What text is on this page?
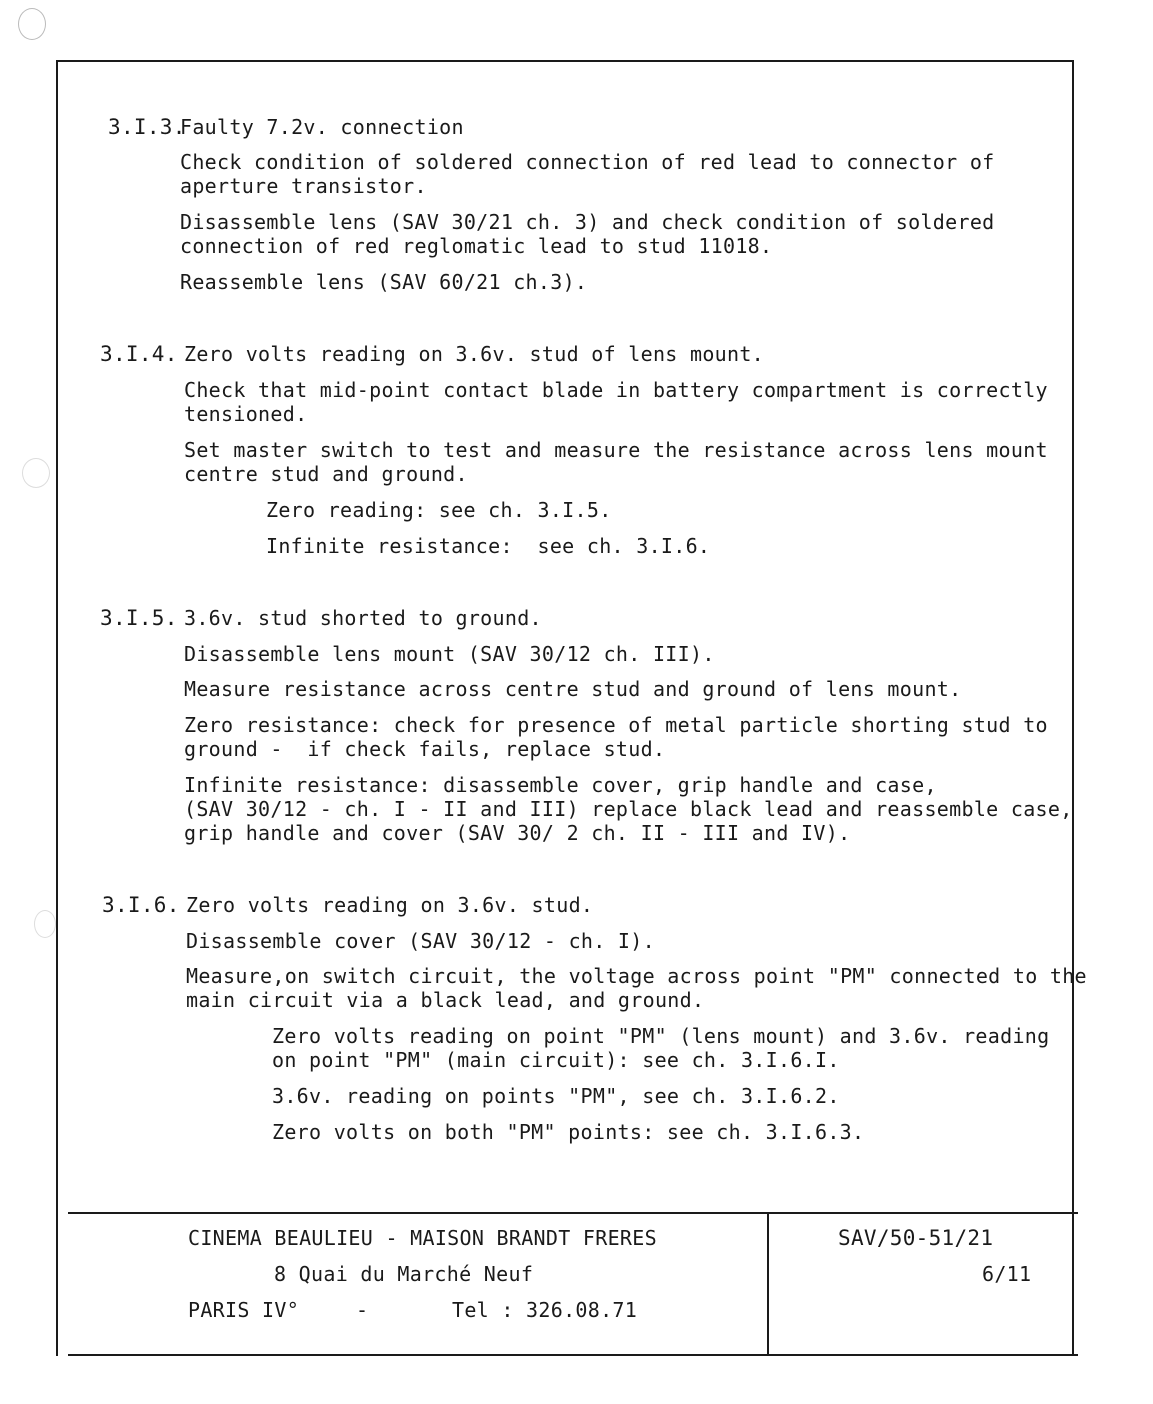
3.I.3.
Faulty 7.2v. connection
Check condition of soldered connection of red lead to connector of
aperture transistor.
Disassemble lens (SAV 30/21 ch. 3) and check condition of soldered
connection of red reglomatic lead to stud 11018.
Reassemble lens (SAV 60/21 ch.3).
3.I.4. Zero volts reading on 3.6v. stud of lens mount.
Check that mid-point contact blade in battery compartment is correctly
tensioned.
Set master switch to test and measure the resistance across lens mount
centre stud and ground.
Zero reading: see ch. 3.I.5.
Infinite resistance:  see ch. 3.I.6.
3.I.5. 3.6v. stud shorted to ground.
Disassemble lens mount (SAV 30/12 ch. III).
Measure resistance across centre stud and ground of lens mount.
Zero resistance: check for presence of metal particle shorting stud to
ground -  if check fails, replace stud.
Infinite resistance: disassemble cover, grip handle and case,
(SAV 30/12 - ch. I - II and III) replace black lead and reassemble case,
grip handle and cover (SAV 30/ 2 ch. II - III and IV).
3.I.6. Zero volts reading on 3.6v. stud.
Disassemble cover (SAV 30/12 - ch. I).
Measure,on switch circuit, the voltage across point "PM" connected to the
main circuit via a black lead, and ground.
Zero volts reading on point "PM" (lens mount) and 3.6v. reading
on point "PM" (main circuit): see ch. 3.I.6.I.
3.6v. reading on points "PM", see ch. 3.I.6.2.
Zero volts on both "PM" points: see ch. 3.I.6.3.
CINEMA BEAULIEU - MAISON BRANDT FRERES
8 Quai du Marché Neuf
PARIS IV°	-	Tel : 326.08.71
SAV/50-51/21
6/11
